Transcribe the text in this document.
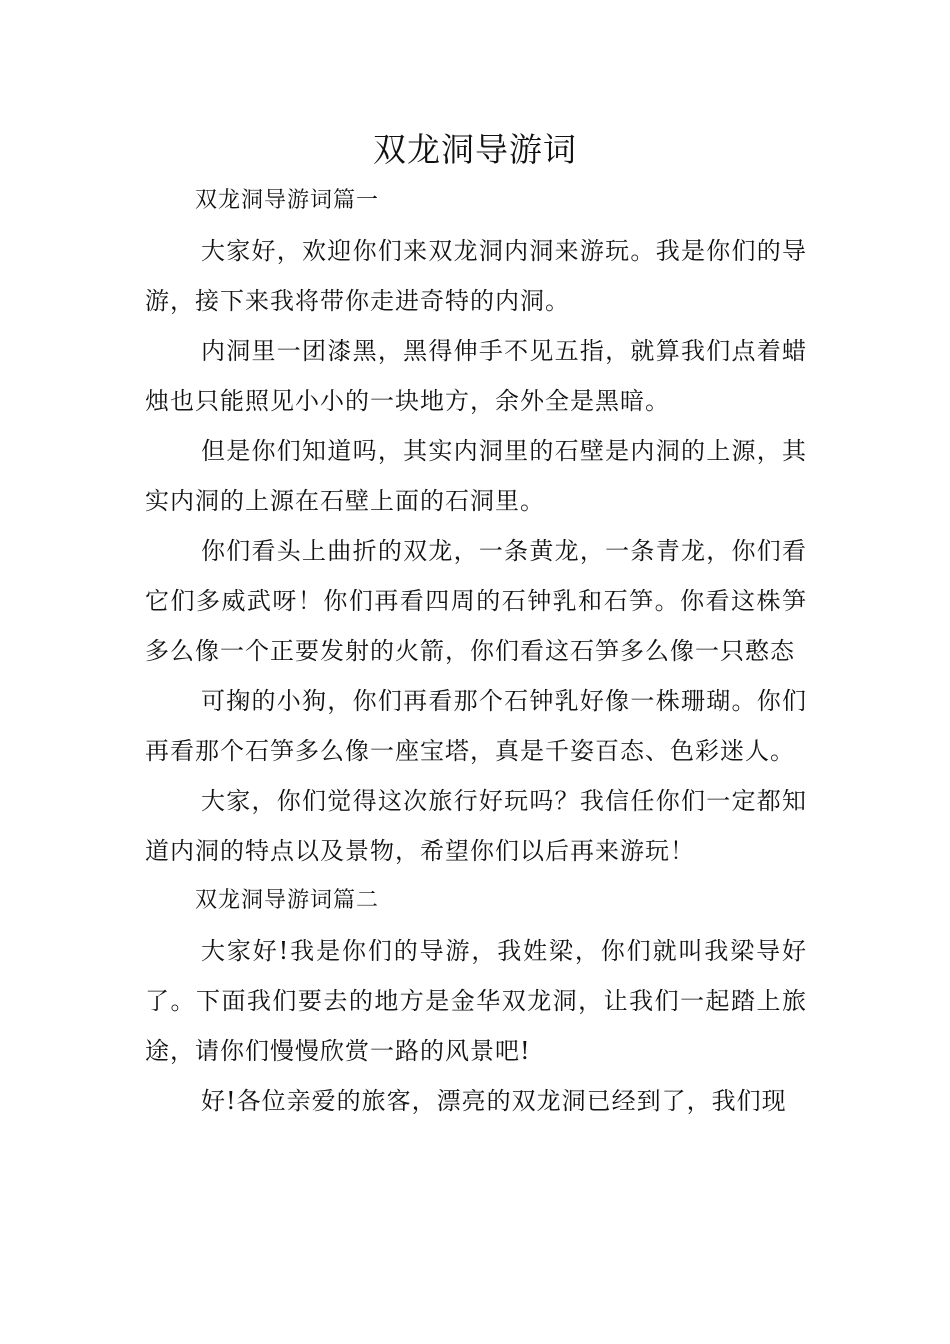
双龙洞导游词

双龙洞导游词篇一

大家好，欢迎你们来双龙洞内洞来游玩。我是你们的导游，接下来我将带你走进奇特的内洞。

内洞里一团漆黑，黑得伸手不见五指，就算我们点着蜡烛也只能照见小小的一块地方，余外全是黑暗。

但是你们知道吗，其实内洞里的石壁是内洞的上源，其实内洞的上源在石壁上面的石洞里。

你们看头上曲折的双龙，一条黄龙，一条青龙，你们看它们多威武呀！你们再看四周的石钟乳和石笋。你看这株笋多么像一个正要发射的火箭，你们看这石笋多么像一只憨态

可掬的小狗，你们再看那个石钟乳好像一株珊瑚。你们再看那个石笋多么像一座宝塔，真是千姿百态、色彩迷人。

大家，你们觉得这次旅行好玩吗？我信任你们一定都知道内洞的特点以及景物，希望你们以后再来游玩！

双龙洞导游词篇二

大家好!我是你们的导游，我姓梁，你们就叫我梁导好了。下面我们要去的地方是金华双龙洞，让我们一起踏上旅途，请你们慢慢欣赏一路的风景吧!

好!各位亲爱的旅客，漂亮的双龙洞已经到了，我们现
